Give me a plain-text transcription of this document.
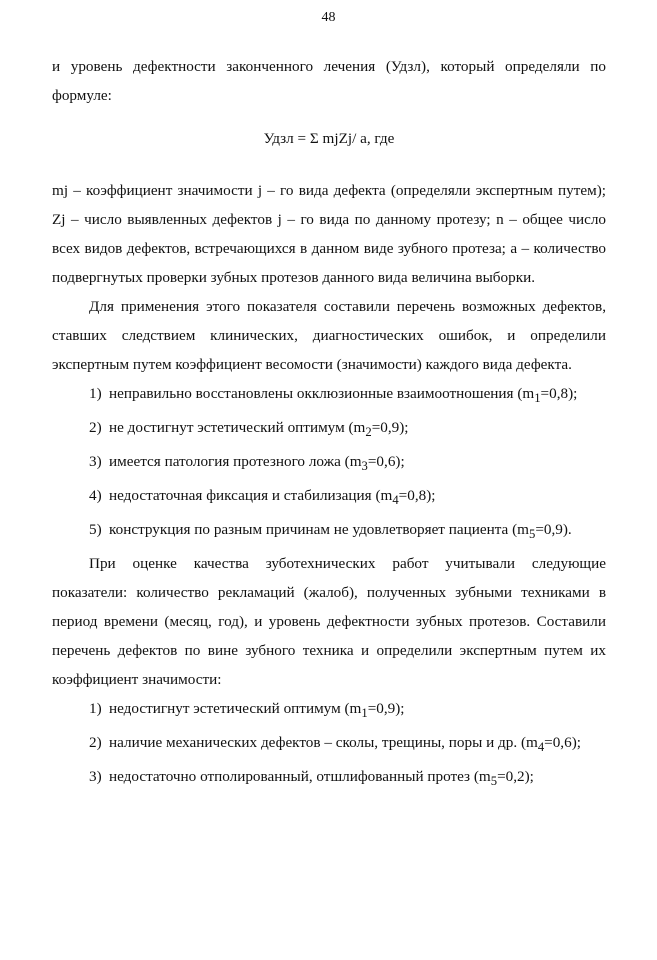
48

и уровень дефектности законченного лечения (Удзл), который определяли по формуле:

Удзл = Σ mjZj/ a, где

mj – коэффициент значимости j – го вида дефекта (определяли экспертным путем); Zj – число выявленных дефектов j – го вида по данному протезу; n – общее число всех видов дефектов, встречающихся в данном виде зубного протеза; a – количество подвергнутых проверки зубных протезов данного вида величина выборки.

Для применения этого показателя составили перечень возможных дефектов, ставших следствием клинических, диагностических ошибок, и определили экспертным путем коэффициент весомости (значимости) каждого вида дефекта.

1) неправильно восстановлены окклюзионные взаимоотношения $(m_1=0,8)$;
2) не достигнут эстетический оптимум $(m_2=0,9)$;
3) имеется патология протезного ложа $(m_3=0,6)$;
4) недостаточная фиксация и стабилизация $(m_4=0,8)$;
5) конструкция по разным причинам не удовлетворяет пациента $(m_5=0,9)$.

При оценке качества зуботехнических работ учитывали следующие показатели: количество рекламаций (жалоб), полученных зубными техниками в период времени (месяц, год), и уровень дефектности зубных протезов. Составили перечень дефектов по вине зубного техника и определили экспертным путем их коэффициент значимости:

1) недостигнут эстетический оптимум $(m_1=0,9)$;
2) наличие механических дефектов – сколы, трещины, поры и др. $(m_4=0,6)$;
3) недостаточно отполированный, отшлифованный протез $(m_5=0,2)$;
